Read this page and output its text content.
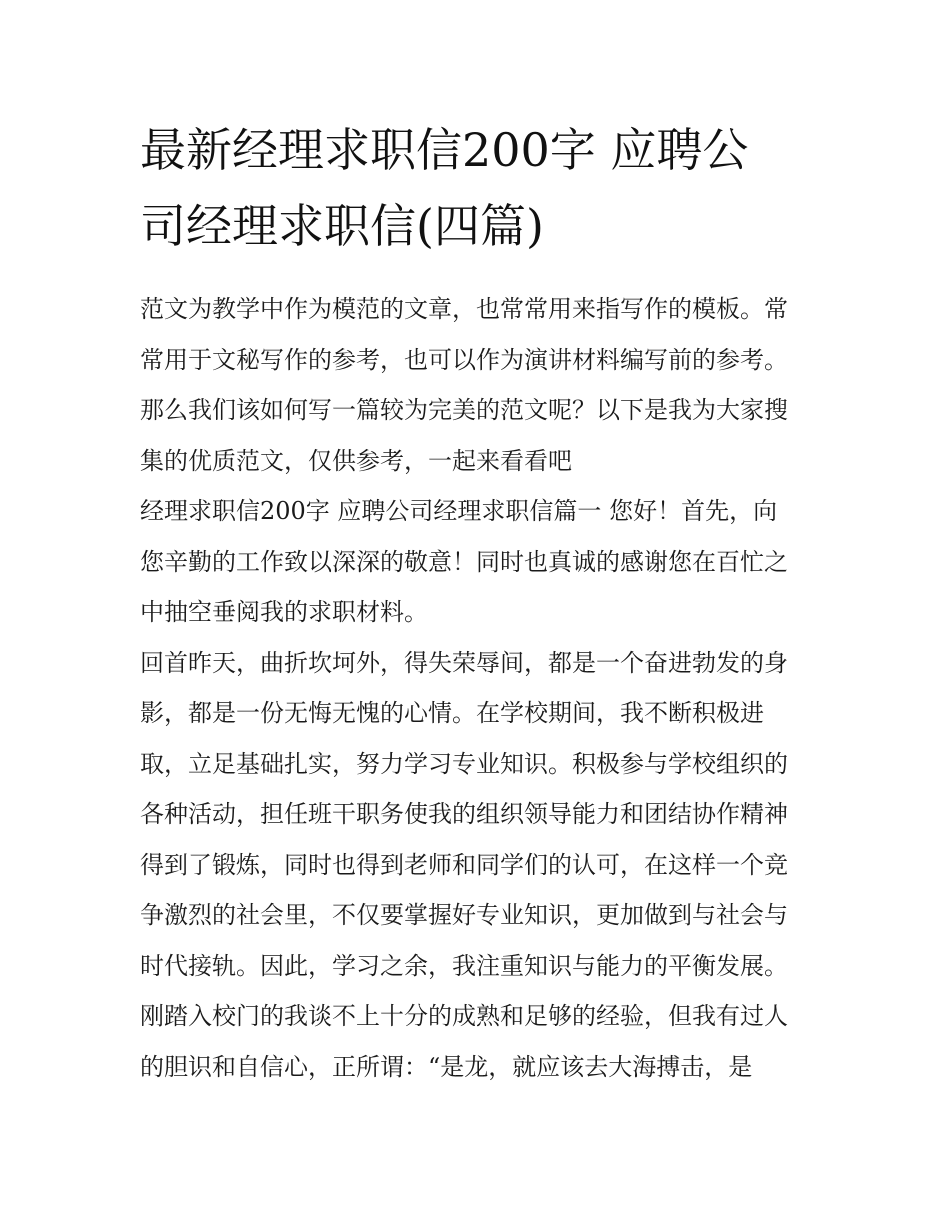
最新经理求职信200字 应聘公
司经理求职信(四篇)
范文为教学中作为模范的文章，也常常用来指写作的模板。常
常用于文秘写作的参考，也可以作为演讲材料编写前的参考。
那么我们该如何写一篇较为完美的范文呢？以下是我为大家搜
集的优质范文，仅供参考，一起来看看吧
经理求职信200字 应聘公司经理求职信篇一 您好！首先，向
您辛勤的工作致以深深的敬意！同时也真诚的感谢您在百忙之
中抽空垂阅我的求职材料。
回首昨天，曲折坎坷外，得失荣辱间，都是一个奋进勃发的身
影，都是一份无悔无愧的心情。在学校期间，我不断积极进
取，立足基础扎实，努力学习专业知识。积极参与学校组织的
各种活动，担任班干职务使我的组织领导能力和团结协作精神
得到了锻炼，同时也得到老师和同学们的认可，在这样一个竞
争激烈的社会里，不仅要掌握好专业知识，更加做到与社会与
时代接轨。因此，学习之余，我注重知识与能力的平衡发展。
刚踏入校门的我谈不上十分的成熟和足够的经验，但我有过人
的胆识和自信心，正所谓：“是龙，就应该去大海搏击，是
